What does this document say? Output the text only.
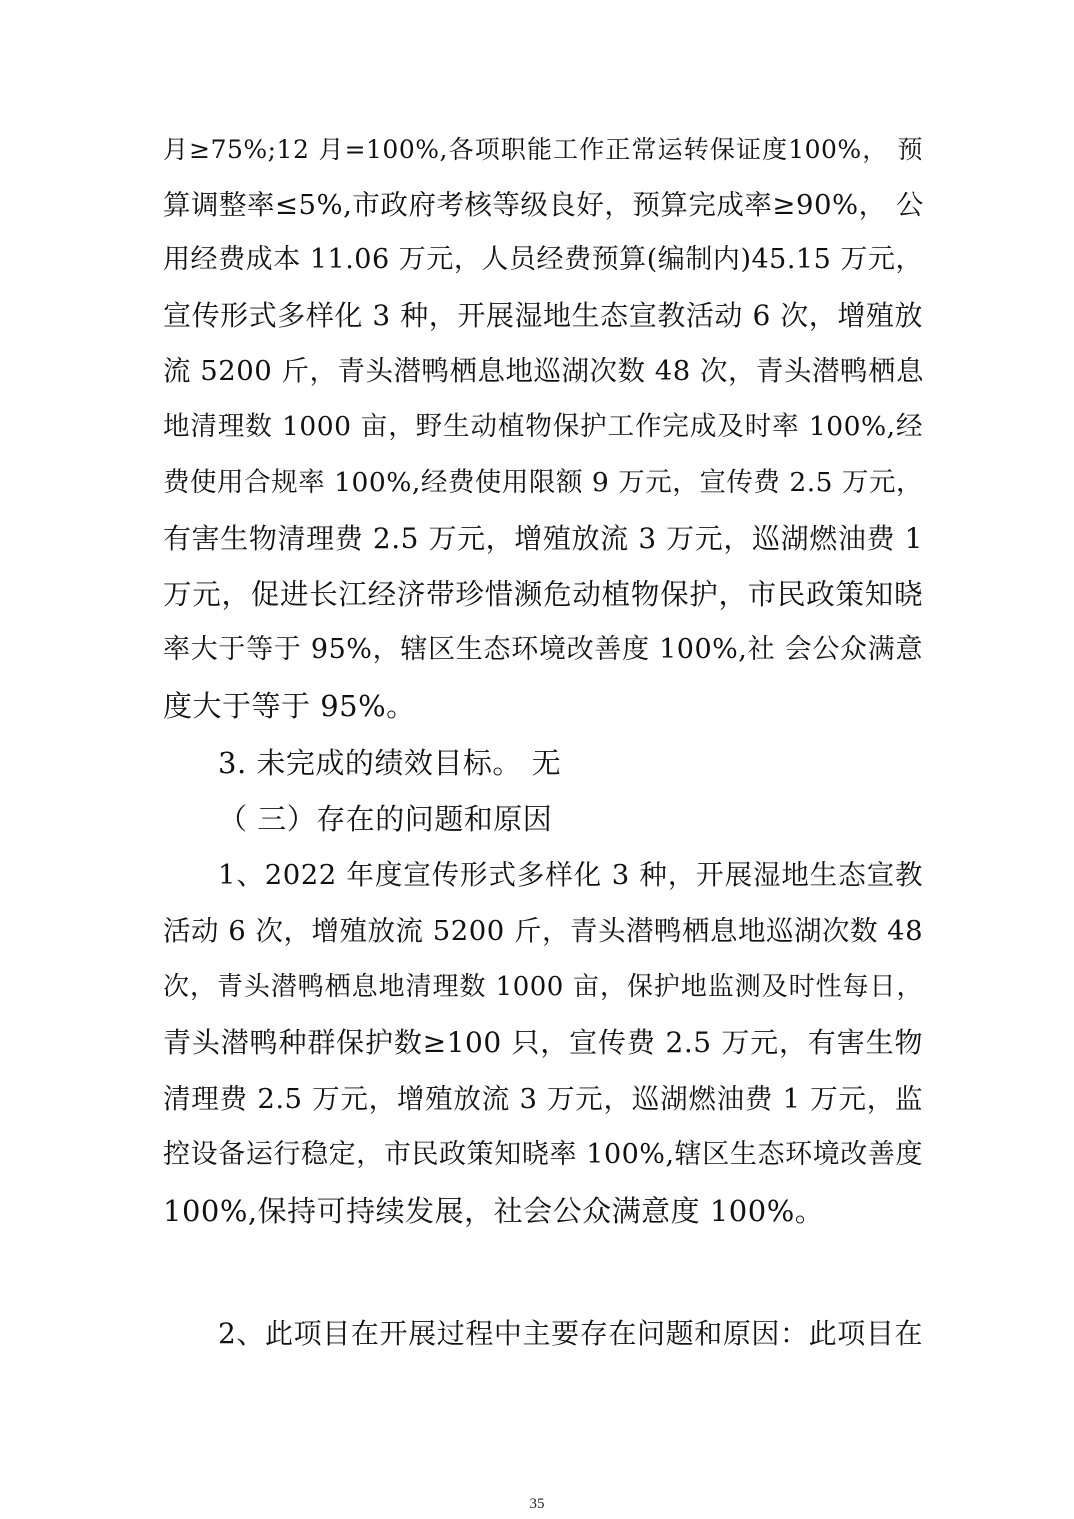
月≥75%;12 月=100%,各项职能工作正常运转保证度100%， 预
算调整率≤5%,市政府考核等级良好，预算完成率≥90%， 公
用经费成本 11.06 万元，人员经费预算(编制内)45.15 万元，
宣传形式多样化 3 种，开展湿地生态宣教活动 6 次，增殖放
流 5200 斤，青头潜鸭栖息地巡湖次数 48 次，青头潜鸭栖息
地清理数 1000 亩，野生动植物保护工作完成及时率 100%,经
费使用合规率 100%,经费使用限额 9 万元，宣传费 2.5 万元，
有害生物清理费 2.5 万元，增殖放流 3 万元，巡湖燃油费 1
万元，促进长江经济带珍惜濒危动植物保护，市民政策知晓
率大于等于 95%，辖区生态环境改善度 100%,社 会公众满意
度大于等于 95%。
3. 未完成的绩效目标。 无
（ 三）存在的问题和原因
1、2022 年度宣传形式多样化 3 种，开展湿地生态宣教
活动 6 次，增殖放流 5200 斤，青头潜鸭栖息地巡湖次数 48
次，青头潜鸭栖息地清理数 1000 亩，保护地监测及时性每日，
青头潜鸭种群保护数≥100 只，宣传费 2.5 万元，有害生物
清理费 2.5 万元，增殖放流 3 万元，巡湖燃油费 1 万元，监
控设备运行稳定，市民政策知晓率 100%,辖区生态环境改善度
100%,保持可持续发展，社会公众满意度 100%。
2、此项目在开展过程中主要存在问题和原因：此项目在
35
